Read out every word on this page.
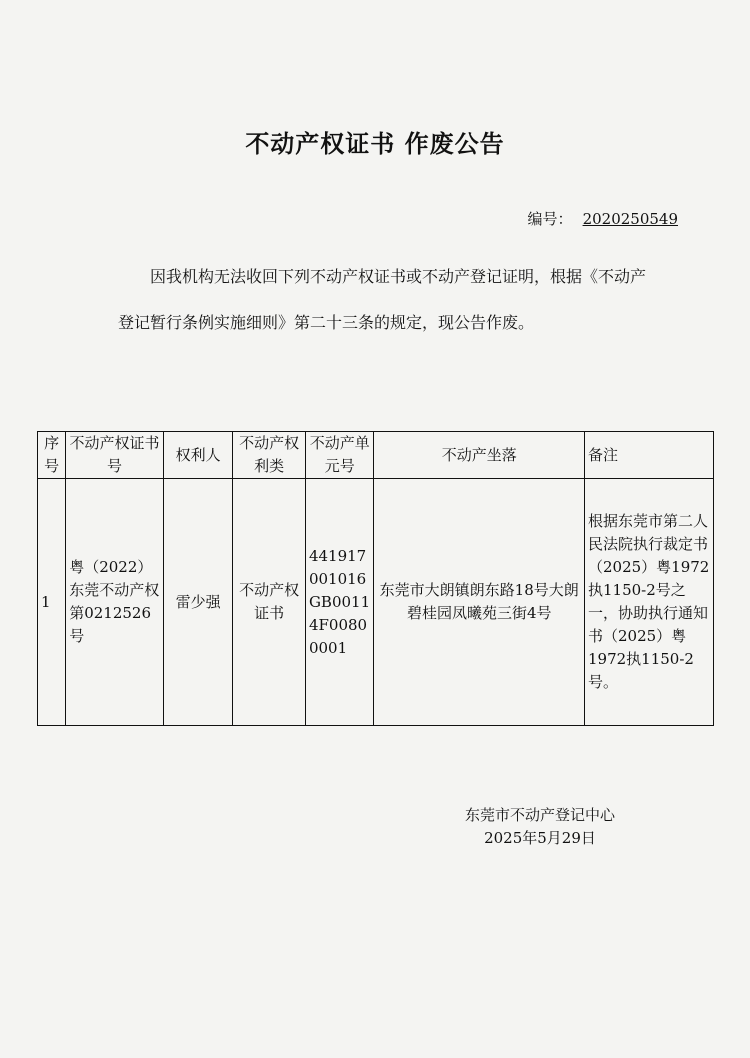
不动产权证书 作废公告
编号： 2020250549
因我机构无法收回下列不动产权证书或不动产登记证明，根据《不动产登记暂行条例实施细则》第二十三条的规定，现公告作废。
序号	不动产权证书号	权利人	不动产权利类	不动产单元号	不动产坐落	备注
1	粤（2022）东莞不动产权第0212526号	雷少强	不动产权证书	441917001016GB00114F00800001	东莞市大朗镇朗东路18号大朗碧桂园凤曦苑三街4号	根据东莞市第二人民法院执行裁定书（2025）粤1972执1150-2号之一，协助执行通知书（2025）粤1972执1150-2号。
东莞市不动产登记中心
2025年5月29日
